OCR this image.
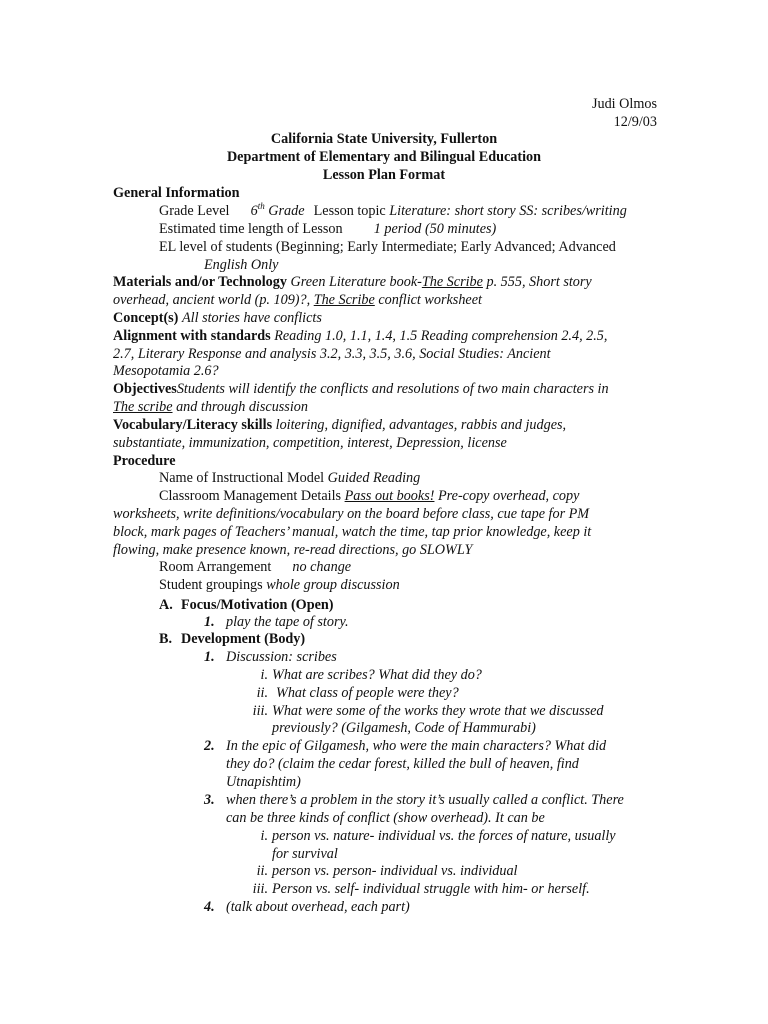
Judi Olmos
12/9/03
California State University, Fullerton
Department of Elementary and Bilingual Education
Lesson Plan Format
General Information
Grade Level 6th Grade Lesson topic Literature: short story SS: scribes/writing
Estimated time length of Lesson 1 period (50 minutes)
EL level of students (Beginning; Early Intermediate; Early Advanced; Advanced
English Only
Materials and/or Technology Green Literature book-The Scribe p. 555, Short story
overhead, ancient world (p. 109)?, The Scribe conflict worksheet
Concept(s) All stories have conflicts
Alignment with standards Reading 1.0, 1.1, 1.4, 1.5 Reading comprehension 2.4, 2.5,
2.7, Literary Response and analysis 3.2, 3.3, 3.5, 3.6, Social Studies: Ancient
Mesopotamia 2.6?
ObjectivesStudents will identify the conflicts and resolutions of two main characters in
The scribe and through discussion
Vocabulary/Literacy skills loitering, dignified, advantages, rabbis and judges,
substantiate, immunization, competition, interest, Depression, license
Procedure
Name of Instructional Model Guided Reading
Classroom Management Details Pass out books! Pre-copy overhead, copy
worksheets, write definitions/vocabulary on the board before class, cue tape for PM
block, mark pages of Teachers’ manual, watch the time, tap prior knowledge, keep it
flowing, make presence known, re-read directions, go SLOWLY
Room Arrangement no change
Student groupings whole group discussion
A. Focus/Motivation (Open)
1. play the tape of story.
B. Development (Body)
1. Discussion: scribes
i. What are scribes? What did they do?
ii. What class of people were they?
iii. What were some of the works they wrote that we discussed
previously? (Gilgamesh, Code of Hammurabi)
2. In the epic of Gilgamesh, who were the main characters? What did
they do? (claim the cedar forest, killed the bull of heaven, find
Utnapishtim)
3. when there’s a problem in the story it’s usually called a conflict. There
can be three kinds of conflict (show overhead). It can be
i. person vs. nature- individual vs. the forces of nature, usually
for survival
ii. person vs. person- individual vs. individual
iii. Person vs. self- individual struggle with him- or herself.
4. (talk about overhead, each part)
